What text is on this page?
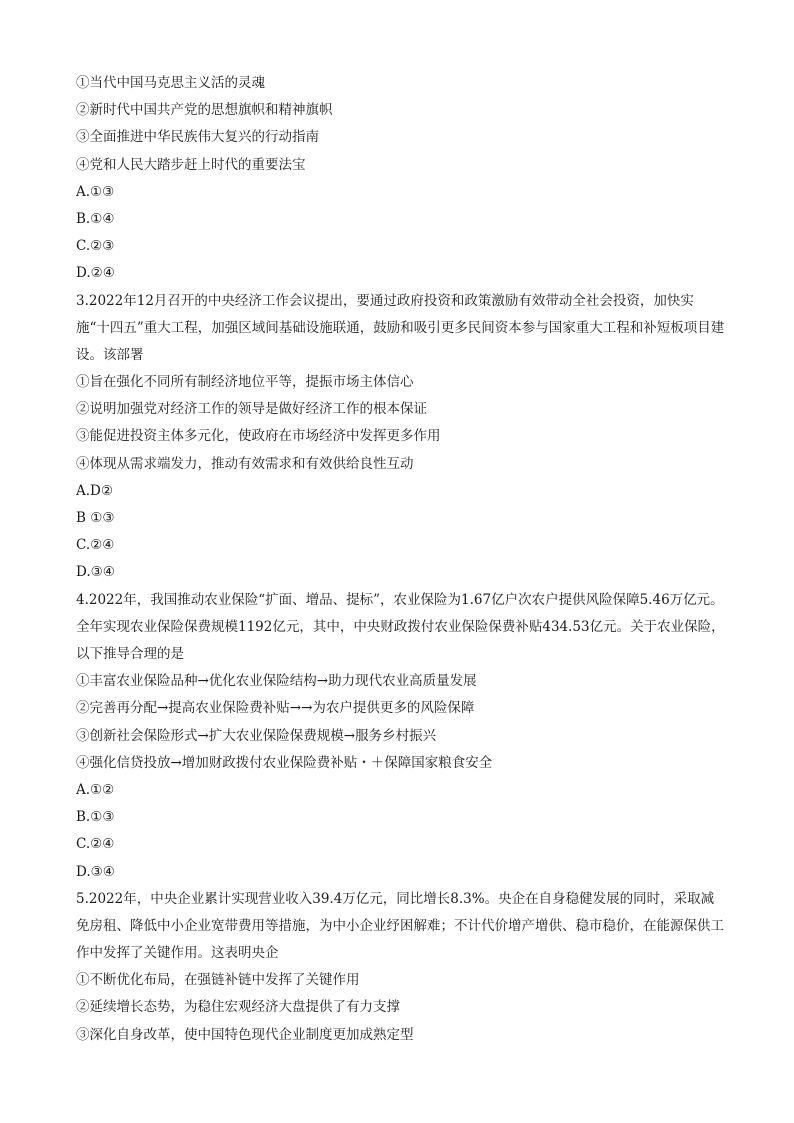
①当代中国马克思主义活的灵魂
②新时代中国共产党的思想旗帜和精神旗帜
③全面推进中华民族伟大复兴的行动指南
④党和人民大踏步赶上时代的重要法宝
A.①③
B.①④
C.②③
D.②④
3.2022年12月召开的中央经济工作会议提出，要通过政府投资和政策激励有效带动全社会投资，加快实施“十四五”重大工程，加强区域间基础设施联通，鼓励和吸引更多民间资本参与国家重大工程和补短板项目建设。该部署
①旨在强化不同所有制经济地位平等，提振市场主体信心
②说明加强党对经济工作的领导是做好经济工作的根本保证
③能促进投资主体多元化，使政府在市场经济中发挥更多作用
④体现从需求端发力，推动有效需求和有效供给良性互动
A.D②
B ①③
C.②④
D.③④
4.2022年，我国推动农业保险“扩面、增品、提标”，农业保险为1.67亿户次农户提供风险保障5.46万亿元。全年实现农业保险保费规模1192亿元，其中，中央财政拨付农业保险保费补贴434.53亿元。关于农业保险，以下推导合理的是
①丰富农业保险品种→优化农业保险结构→助力现代农业高质量发展
②完善再分配→提高农业保险费补贴→→为农户提供更多的风险保障
③创新社会保险形式→扩大农业保险保费规模→服务乡村振兴
④强化信贷投放→增加财政拨付农业保险费补贴・＋保障国家粮食安全
A.①②
B.①③
C.②④
D.③④
5.2022年，中央企业累计实现营业收入39.4万亿元，同比增长8.3%。央企在自身稳健发展的同时，采取减免房租、降低中小企业宽带费用等措施，为中小企业纾困解难；不计代价增产增供、稳市稳价，在能源保供工作中发挥了关键作用。这表明央企
①不断优化布局，在强链补链中发挥了关键作用
②延续增长态势，为稳住宏观经济大盘提供了有力支撑
③深化自身改革，使中国特色现代企业制度更加成熟定型
